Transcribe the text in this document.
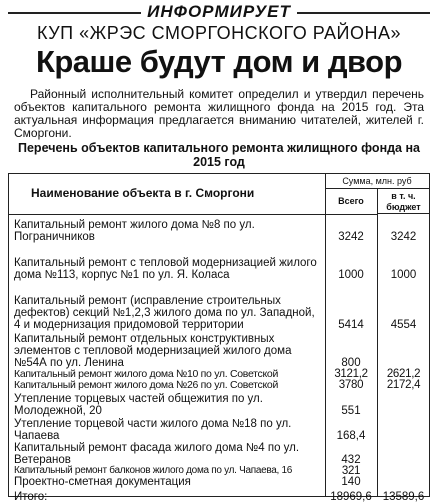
ИНФОРМИРУЕТ
КУП «ЖРЭС СМОРГОНСКОГО РАЙОНА»
Краше будут дом и двор
Районный исполнительный комитет определил и утвердил перечень объектов капитального ремонта жилищного фонда на 2015 год. Эта актуальная информация предлагается вниманию читателей, жителей г. Сморгони.
Перечень объектов капитального ремонта жилищного фонда на 2015 год
Наименование объекта в г. Сморгони
Сумма, млн. руб
Всего	в т. ч. бюджет
Капитальный ремонт жилого дома №8 по ул. Пограничников	3242	3242
Капитальный ремонт с тепловой модернизацией жилого дома №113, корпус №1 по ул. Я. Коласа	1000	1000
Капитальный ремонт (исправление строительных дефектов) секций №1,2,3 жилого дома по ул. Западной, 4 и модернизация придомовой территории	5414	4554
Капитальный ремонт отдельных конструктивных элементов с тепловой модернизацией жилого дома №54А по ул. Ленина	800
Капитальный ремонт жилого дома №10 по ул. Советской	3121,2	2621,2
Капитальный ремонт жилого дома №26 по ул. Советской	3780	2172,4
Утепление торцевых частей общежития по ул. Молодежной, 20	551
Утепление торцевой части жилого дома №18 по ул. Чапаева	168,4
Капитальный ремонт фасада жилого дома №4 по ул. Ветеранов	432
Капитальный ремонт балконов жилого дома по ул. Чапаева, 16	321
Проектно-сметная документация	140
Итого:	18969,6 13589,6
